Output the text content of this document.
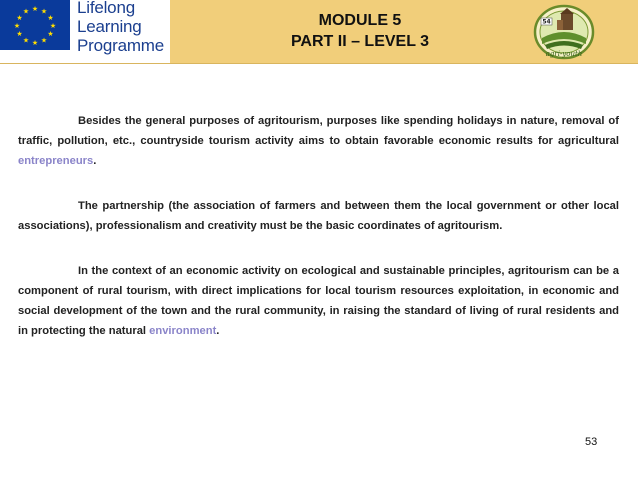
★ ★
★
★
★
★
★
★
★
★
★
★	Lifelong
Learning
Programme
MODULE 5
PART II – LEVEL 3
54
agri-youth

Besides the general purposes of agritourism, purposes like spending holidays in nature, removal of traffic, pollution, etc., countryside tourism activity aims to obtain favorable economic results for agricultural entrepreneurs.

The partnership (the association of farmers and between them the local government or other local associations), professionalism and creativity must be the basic coordinates of agritourism.

In the context of an economic activity on ecological and sustainable principles, agritourism can be a component of rural tourism, with direct implications for local tourism resources exploitation, in economic and social development of the town and the rural community, in raising the standard of living of rural residents and in protecting the natural environment.

53
